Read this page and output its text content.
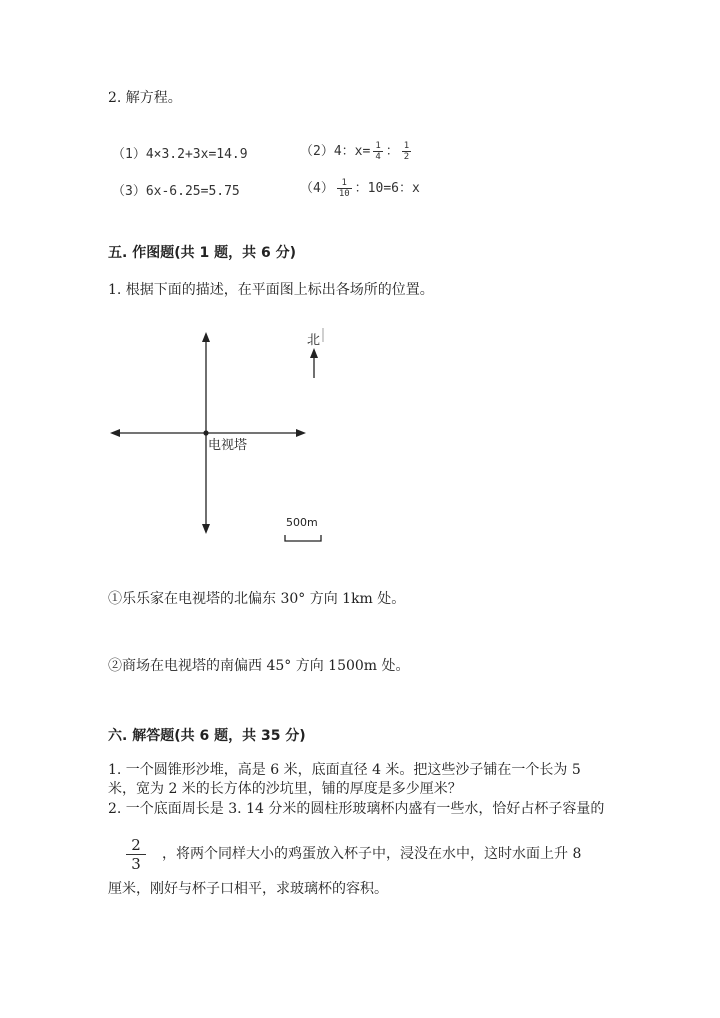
2. 解方程。
（1）4×3.2+3x=14.9	（2）4：$x= \frac{1}{4}$ ： $\frac{1}{2}$
（3）6x-6.25=5.75	$(4) \frac{1}{10}$ ：10=6：x
五. 作图题(共 1 题，共 6 分)
1. 根据下面的描述，在平面图上标出各场所的位置。
电视塔
北
500m
①乐乐家在电视塔的北偏东 30° 方向 1km 处。
②商场在电视塔的南偏西 45° 方向 1500m 处。
六. 解答题(共 6 题，共 35 分)
1. 一个圆锥形沙堆，高是 6 米，底面直径 4 米。把这些沙子铺在一个长为 5
米，宽为 2 米的长方体的沙坑里，铺的厚度是多少厘米？
2. 一个底面周长是 3. 14 分米的圆柱形玻璃杯内盛有一些水，恰好占杯子容量的
$\frac{2}{3}$ ，将两个同样大小的鸡蛋放入杯子中，浸没在水中，这时水面上升 8
厘米，刚好与杯子口相平，求玻璃杯的容积。
